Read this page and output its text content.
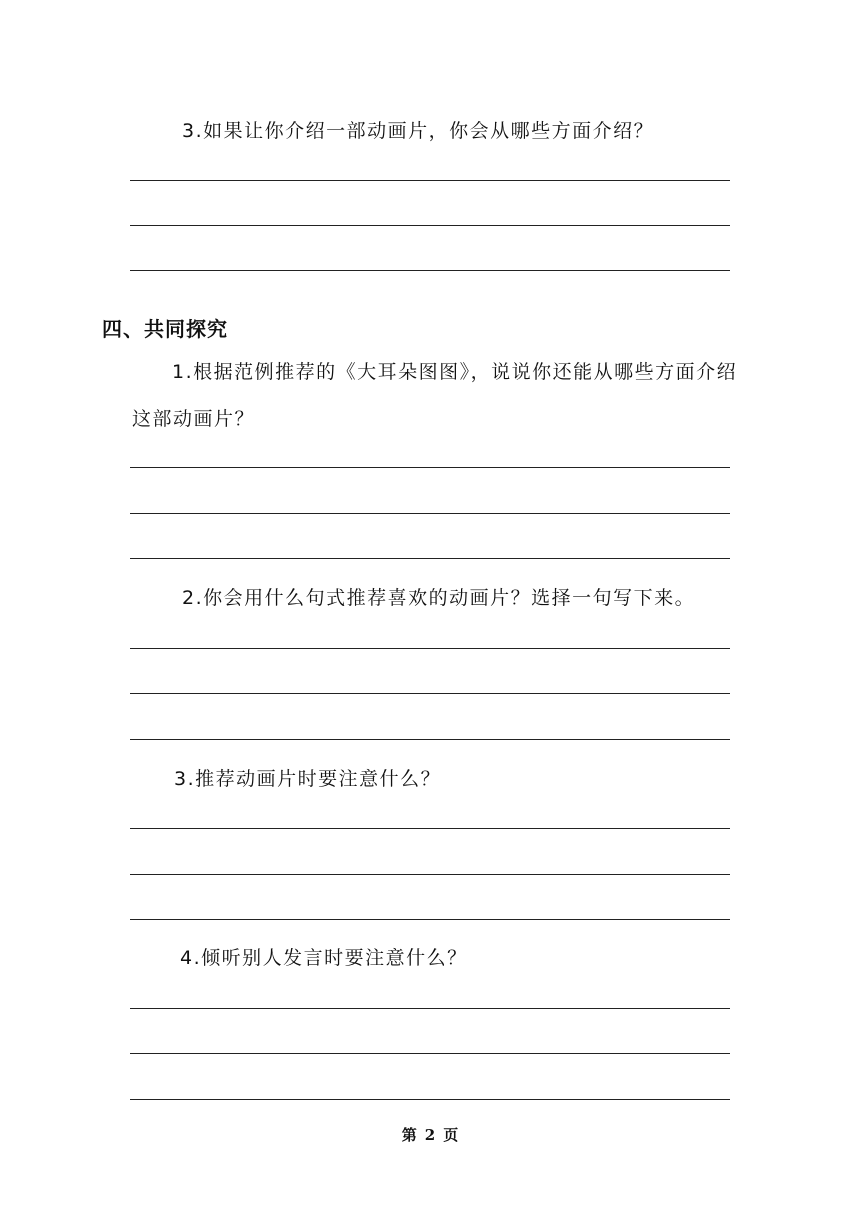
3.如果让你介绍一部动画片，你会从哪些方面介绍？
四、共同探究
1.根据范例推荐的《大耳朵图图》，说说你还能从哪些方面介绍
这部动画片？
2.你会用什么句式推荐喜欢的动画片？选择一句写下来。
3.推荐动画片时要注意什么？
4.倾听别人发言时要注意什么？
第 2 页
